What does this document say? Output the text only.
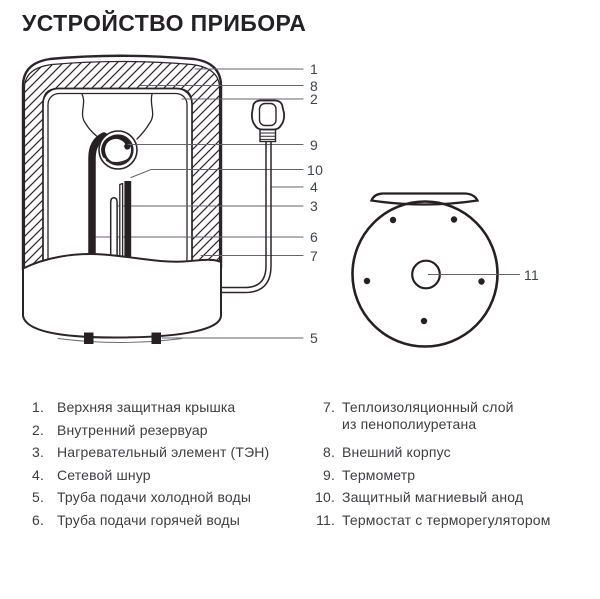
УСТРОЙСТВО ПРИБОРА
1
8
2
9
10
4
3
6
7
5
11
1. Верхняя защитная крышка
2. Внутренний резервуар
3. Нагревательный элемент (ТЭН)
4. Сетевой шнур
5. Труба подачи холодной воды
6. Труба подачи горячей воды
7. Теплоизоляционный слой из пенополиуретана
8. Внешний корпус
9. Термометр
10. Защитный магниевый анод
11. Термостат с терморегулятором
